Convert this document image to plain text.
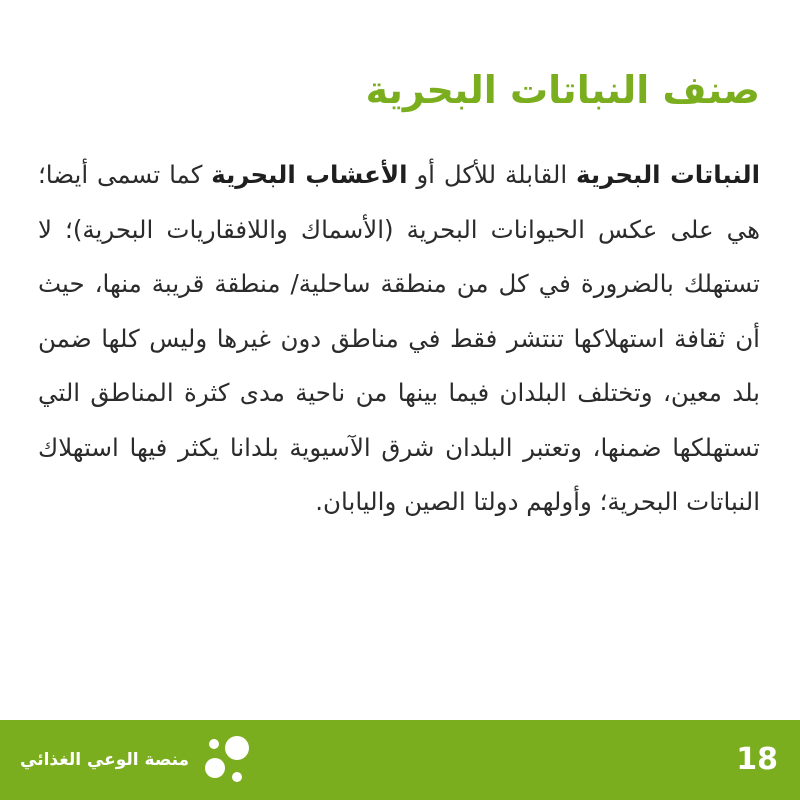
صنف النباتات البحرية

النباتات البحرية القابلة للأكل أو الأعشاب البحرية كما تسمى أيضا؛ هي على عكس الحيوانات البحرية (الأسماك واللافقاريات البحرية)؛ لا تستهلك بالضرورة في كل من منطقة ساحلية/ منطقة قريبة منها، حيث أن ثقافة استهلاكها تنتشر فقط في مناطق دون غيرها وليس كلها ضمن بلد معين، وتختلف البلدان فيما بينها من ناحية مدى كثرة المناطق التي تستهلكها ضمنها، وتعتبر البلدان شرق الآسيوية بلدانا يكثر فيها استهلاك النباتات البحرية؛ وأولهم دولتا الصين واليابان.

منصة الوعي الغذائي	18
